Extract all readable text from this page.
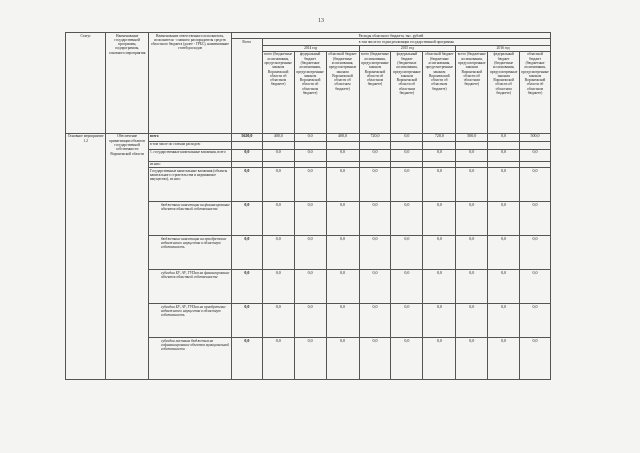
13
Статус	Наименование государственной программы, подпрограммы, основного мероприятия	Наименование ответственного исполнителя, исполнителя - главного распорядителя средств областного бюджета (далее - ГРБС), наименование статей расходов	Расходы областного бюджета, тыс. рублей									
			Всего	в том числе по годам реализации государственной программы								
				2014 год			2015 год			2016 год		
				всего (бюджетные ассигнования, предусмотренные законом Воронежской области об областном бюджете)	федеральный бюджет (бюджетные ассигнования, предусмотренные законом Воронежской области об областном бюджете)	областной бюджет (бюджетные ассигнования, предусмотренные законом Воронежской области об областном бюджете)	всего (бюджетные ассигнования, предусмотренные законом Воронежской области об областном бюджете)	федеральный бюджет (бюджетные ассигнования, предусмотренные законом Воронежской области об областном бюджете)	областной бюджет (бюджетные ассигнования, предусмотренные законом Воронежской области об областном бюджете)	всего (бюджетные ассигнования, предусмотренные законом Воронежской области об областном бюджете)	федеральный бюджет (бюджетные ассигнования, предусмотренные законом Воронежской области об областном бюджете)	областной бюджет (бюджетные ассигнования, предусмотренные законом Воронежской области об областном бюджете)
Основное мероприятие 1.2	Обеспечение приватизации объектов государственной собственности Воронежской области	всего	5620,0	400,0	0,0	400,0	720,0	0,0	720,0	500,0	0,0	500,0
		в том числе по статьям расходов:										
		1. государственные капитальные вложения, всего	0,0	0,0	0,0	0,0	0,0	0,0	0,0	0,0	0,0	0,0
		из них:										
		Государственные капитальные вложения (объекты капитального строительства и недвижимое имущество), из них:	0,0	0,0	0,0	0,0	0,0	0,0	0,0	0,0	0,0	0,0
		бюджетные инвестиции на финансирование объектов областной собственности	0,0	0,0	0,0	0,0	0,0	0,0	0,0	0,0	0,0	0,0
		бюджетные инвестиции на приобретение недвижимого имущества в областную собственность	0,0	0,0	0,0	0,0	0,0	0,0	0,0	0,0	0,0	0,0
		субсидии БУ, АУ, ГУПам на финансирование объектов областной собственности	0,0	0,0	0,0	0,0	0,0	0,0	0,0	0,0	0,0	0,0
		субсидии БУ, АУ, ГУПам на приобретение недвижимого имущества в областную собственность	0,0	0,0	0,0	0,0	0,0	0,0	0,0	0,0	0,0	0,0
		субсидии местным бюджетам на софинансирование объектов муниципальной собственности	0,0	0,0	0,0	0,0	0,0	0,0	0,0	0,0	0,0	0,0
